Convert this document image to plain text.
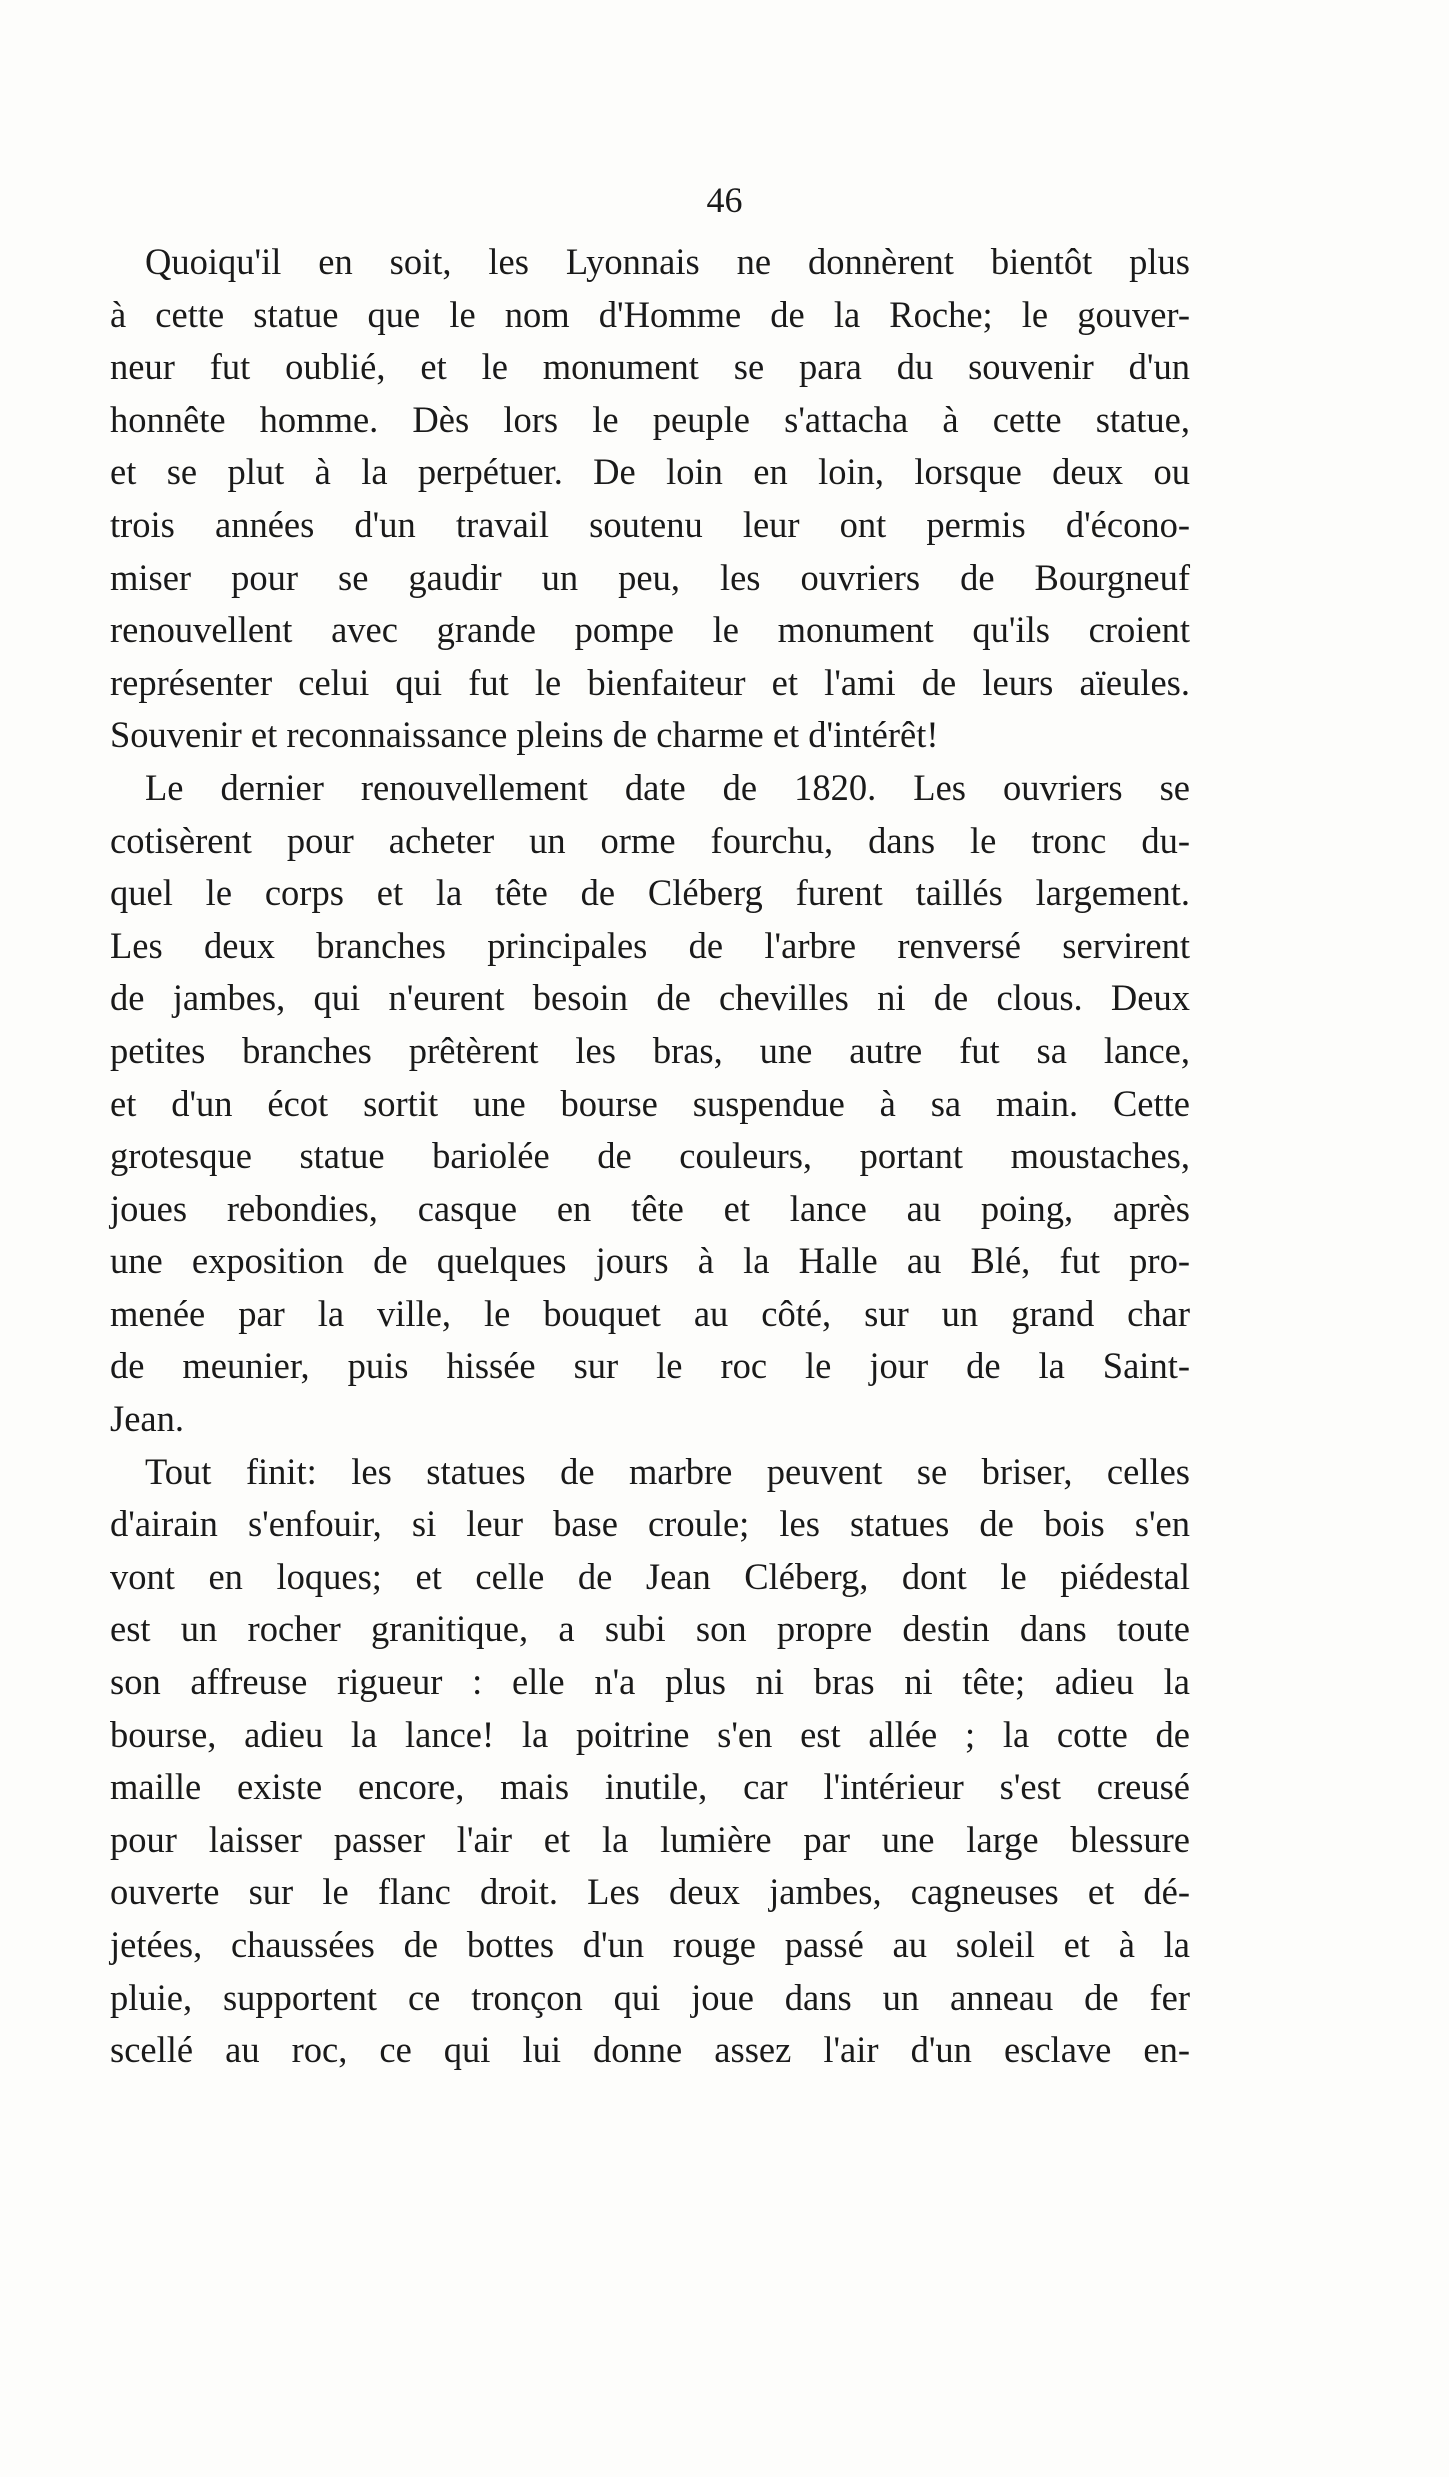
46
Quoiqu'il en soit, les Lyonnais ne donnèrent bientôt plus
à cette statue que le nom d'Homme de la Roche; le gouver-
neur fut oublié, et le monument se para du souvenir d'un
honnête homme. Dès lors le peuple s'attacha à cette statue,
et se plut à la perpétuer. De loin en loin, lorsque deux ou
trois années d'un travail soutenu leur ont permis d'écono-
miser pour se gaudir un peu, les ouvriers de Bourgneuf
renouvellent avec grande pompe le monument qu'ils croient
représenter celui qui fut le bienfaiteur et l'ami de leurs aïeules.
Souvenir et reconnaissance pleins de charme et d'intérêt!
Le dernier renouvellement date de 1820. Les ouvriers se
cotisèrent pour acheter un orme fourchu, dans le tronc du-
quel le corps et la tête de Cléberg furent taillés largement.
Les deux branches principales de l'arbre renversé servirent
de jambes, qui n'eurent besoin de chevilles ni de clous. Deux
petites branches prêtèrent les bras, une autre fut sa lance,
et d'un écot sortit une bourse suspendue à sa main. Cette
grotesque statue bariolée de couleurs, portant moustaches,
joues rebondies, casque en tête et lance au poing, après
une exposition de quelques jours à la Halle au Blé, fut pro-
menée par la ville, le bouquet au côté, sur un grand char
de meunier, puis hissée sur le roc le jour de la Saint-
Jean.
Tout finit: les statues de marbre peuvent se briser, celles
d'airain s'enfouir, si leur base croule; les statues de bois s'en
vont en loques; et celle de Jean Cléberg, dont le piédestal
est un rocher granitique, a subi son propre destin dans toute
son affreuse rigueur : elle n'a plus ni bras ni tête; adieu la
bourse, adieu la lance! la poitrine s'en est allée ; la cotte de
maille existe encore, mais inutile, car l'intérieur s'est creusé
pour laisser passer l'air et la lumière par une large blessure
ouverte sur le flanc droit. Les deux jambes, cagneuses et dé-
jetées, chaussées de bottes d'un rouge passé au soleil et à la
pluie, supportent ce tronçon qui joue dans un anneau de fer
scellé au roc, ce qui lui donne assez l'air d'un esclave en-
